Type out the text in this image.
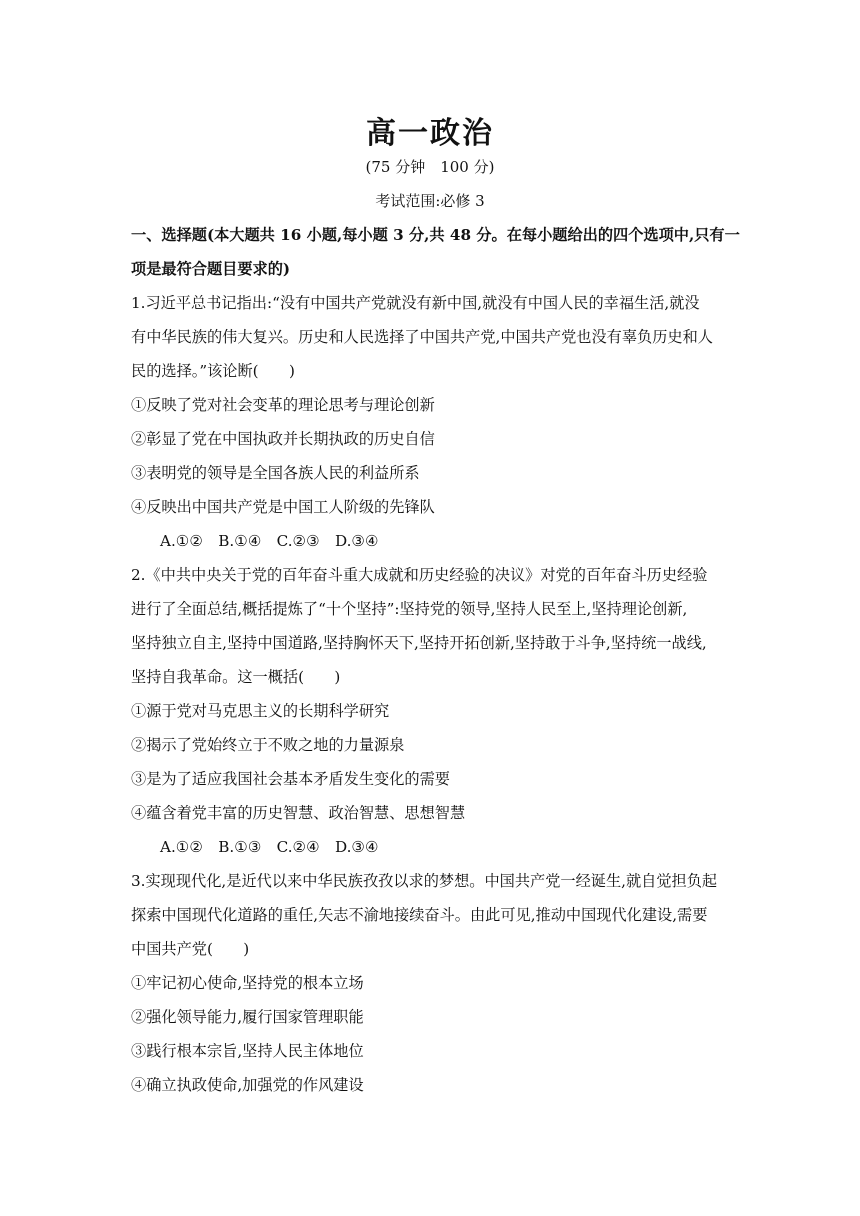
高一政治
(75 分钟　100 分)
考试范围:必修 3
一、选择题(本大题共 16 小题,每小题 3 分,共 48 分。在每小题给出的四个选项中,只有一
项是最符合题目要求的)
1.习近平总书记指出:“没有中国共产党就没有新中国,就没有中国人民的幸福生活,就没
有中华民族的伟大复兴。历史和人民选择了中国共产党,中国共产党也没有辜负历史和人
民的选择。”该论断(　　)
①反映了党对社会变革的理论思考与理论创新
②彰显了党在中国执政并长期执政的历史自信
③表明党的领导是全国各族人民的利益所系
④反映出中国共产党是中国工人阶级的先锋队
A.①②　B.①④　C.②③　D.③④
2.《中共中央关于党的百年奋斗重大成就和历史经验的决议》对党的百年奋斗历史经验
进行了全面总结,概括提炼了“十个坚持”:坚持党的领导,坚持人民至上,坚持理论创新,
坚持独立自主,坚持中国道路,坚持胸怀天下,坚持开拓创新,坚持敢于斗争,坚持统一战线,
坚持自我革命。这一概括(　　)
①源于党对马克思主义的长期科学研究
②揭示了党始终立于不败之地的力量源泉
③是为了适应我国社会基本矛盾发生变化的需要
④蕴含着党丰富的历史智慧、政治智慧、思想智慧
A.①②　B.①③　C.②④　D.③④
3.实现现代化,是近代以来中华民族孜孜以求的梦想。中国共产党一经诞生,就自觉担负起
探索中国现代化道路的重任,矢志不渝地接续奋斗。由此可见,推动中国现代化建设,需要
中国共产党(　　)
①牢记初心使命,坚持党的根本立场
②强化领导能力,履行国家管理职能
③践行根本宗旨,坚持人民主体地位
④确立执政使命,加强党的作风建设
